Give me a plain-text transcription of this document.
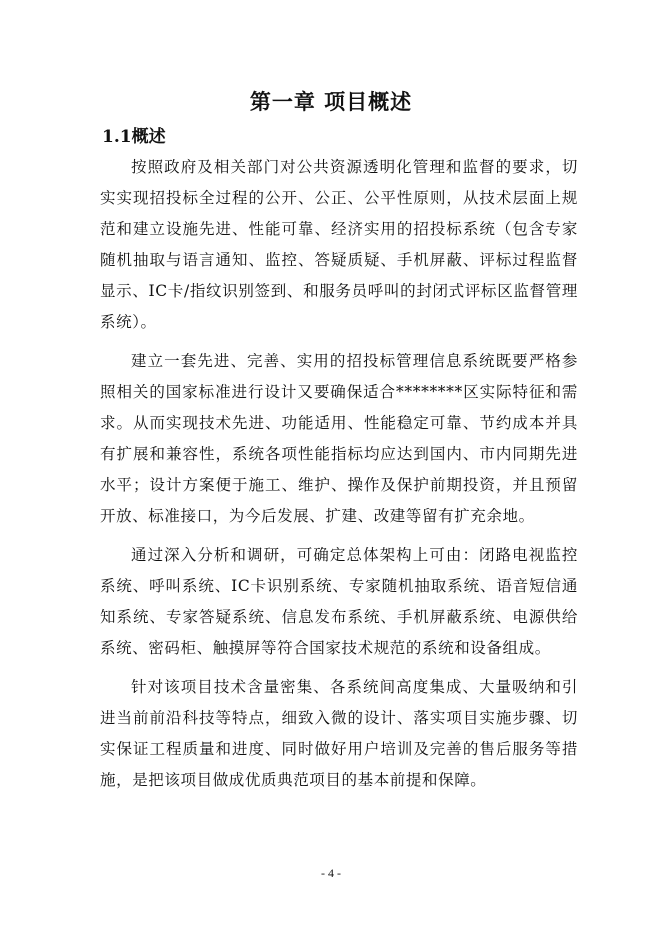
第一章 项目概述
1.1概述

按照政府及相关部门对公共资源透明化管理和监督的要求，切实实现招投标全过程的公开、公正、公平性原则，从技术层面上规范和建立设施先进、性能可靠、经济实用的招投标系统（包含专家随机抽取与语言通知、监控、答疑质疑、手机屏蔽、评标过程监督显示、IC卡/指纹识别签到、和服务员呼叫的封闭式评标区监督管理系统）。

建立一套先进、完善、实用的招投标管理信息系统既要严格参照相关的国家标准进行设计又要确保适合********区实际特征和需求。从而实现技术先进、功能适用、性能稳定可靠、节约成本并具有扩展和兼容性，系统各项性能指标均应达到国内、市内同期先进水平；设计方案便于施工、维护、操作及保护前期投资，并且预留开放、标准接口，为今后发展、扩建、改建等留有扩充余地。

通过深入分析和调研，可确定总体架构上可由：闭路电视监控系统、呼叫系统、IC卡识别系统、专家随机抽取系统、语音短信通知系统、专家答疑系统、信息发布系统、手机屏蔽系统、电源供给系统、密码柜、触摸屏等符合国家技术规范的系统和设备组成。

针对该项目技术含量密集、各系统间高度集成、大量吸纳和引进当前前沿科技等特点，细致入微的设计、落实项目实施步骤、切实保证工程质量和进度、同时做好用户培训及完善的售后服务等措施，是把该项目做成优质典范项目的基本前提和保障。

- 4 -
